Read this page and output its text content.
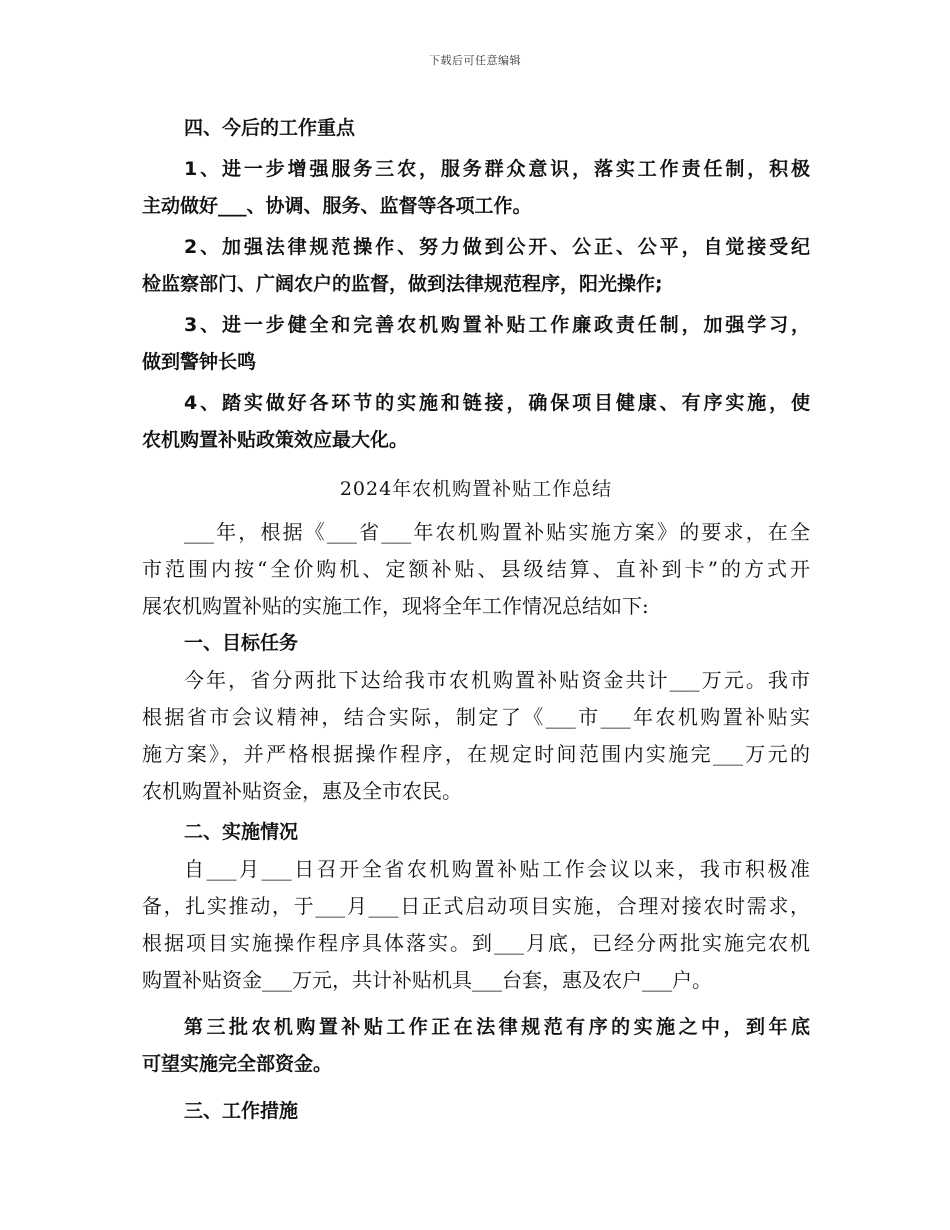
下载后可任意编辑
四、今后的工作重点
1、进一步增强服务三农，服务群众意识，落实工作责任制，积极
主动做好___、协调、服务、监督等各项工作。
2、加强法律规范操作、努力做到公开、公正、公平，自觉接受纪
检监察部门、广阔农户的监督，做到法律规范程序，阳光操作;
3、进一步健全和完善农机购置补贴工作廉政责任制，加强学习，
做到警钟长鸣
4、踏实做好各环节的实施和链接，确保项目健康、有序实施，使
农机购置补贴政策效应最大化。
2024年农机购置补贴工作总结
___年，根据《___省___年农机购置补贴实施方案》的要求，在全
市范围内按“全价购机、定额补贴、县级结算、直补到卡”的方式开
展农机购置补贴的实施工作，现将全年工作情况总结如下:
一、目标任务
今年，省分两批下达给我市农机购置补贴资金共计___万元。我市
根据省市会议精神，结合实际，制定了《___市___年农机购置补贴实
施方案》，并严格根据操作程序，在规定时间范围内实施完___万元的
农机购置补贴资金，惠及全市农民。
二、实施情况
自___月___日召开全省农机购置补贴工作会议以来，我市积极准
备，扎实推动，于___月___日正式启动项目实施，合理对接农时需求，
根据项目实施操作程序具体落实。到___月底，已经分两批实施完农机
购置补贴资金___万元，共计补贴机具___台套，惠及农户___户。
第三批农机购置补贴工作正在法律规范有序的实施之中，到年底
可望实施完全部资金。
三、工作措施
